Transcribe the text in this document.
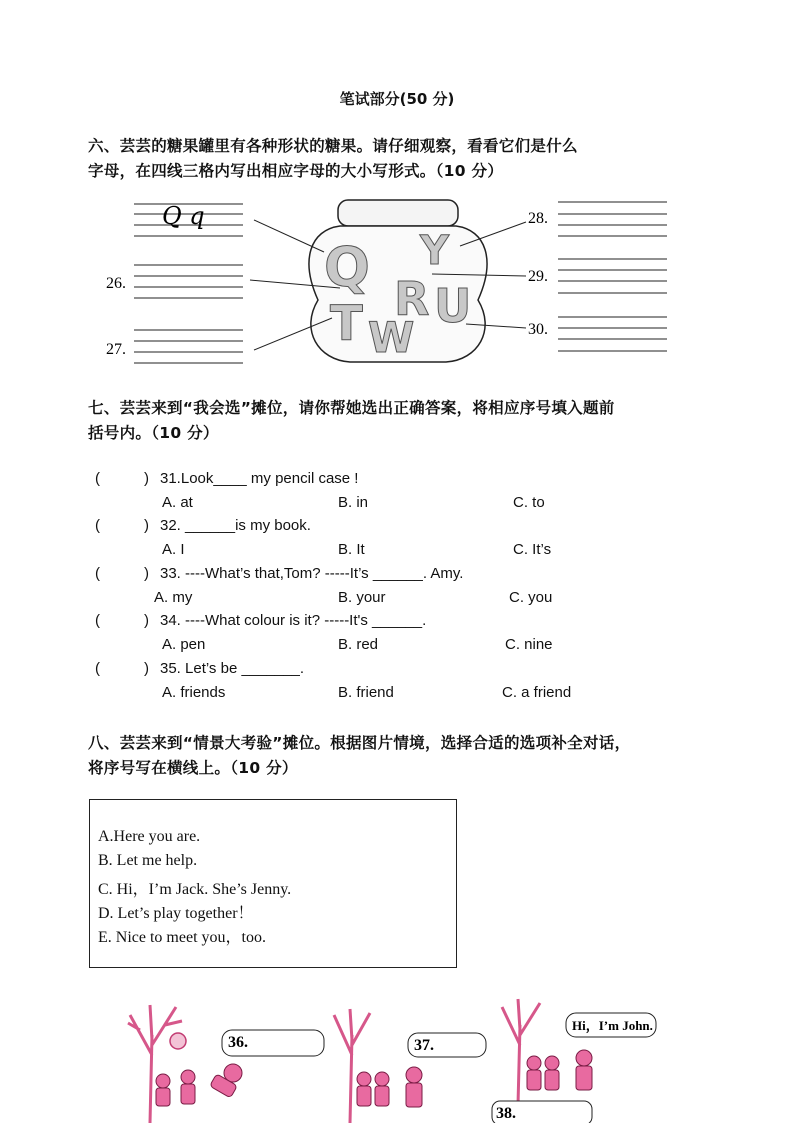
笔试部分(50 分)
六、芸芸的糖果罐里有各种形状的糖果。请仔细观察，看看它们是什么
字母，在四线三格内写出相应字母的大小写形式。（10 分）
Q q
26.
27.
28.
29.
30.
Q Y
R U
T W
七、芸芸来到“我会选”摊位，请你帮她选出正确答案，将相应序号填入题前
括号内。（10 分）
(	) 31.Look____ my pencil case !
A. at	B. in	C. to
(	) 32. ______is my book.
A. I	B. It	C. It’s
(	) 33. ----What’s that,Tom? -----It’s ______. Amy.
A. my	B. your	C. you
(	) 34. ----What colour is it? -----It's ______.
A. pen	B. red	C. nine
(	) 35. Let’s be _______.
A. friends	B. friend	C. a friend
八、芸芸来到“情景大考验”摊位。根据图片情境，选择合适的选项补全对话，
将序号写在横线上。（10 分）
A.Here you are.
B. Let me help.
C. Hi，I’m Jack. She’s Jenny.
D. Let’s play together！
E. Nice to meet you，too.
36.	37.
Hi，I’m John.
38.
